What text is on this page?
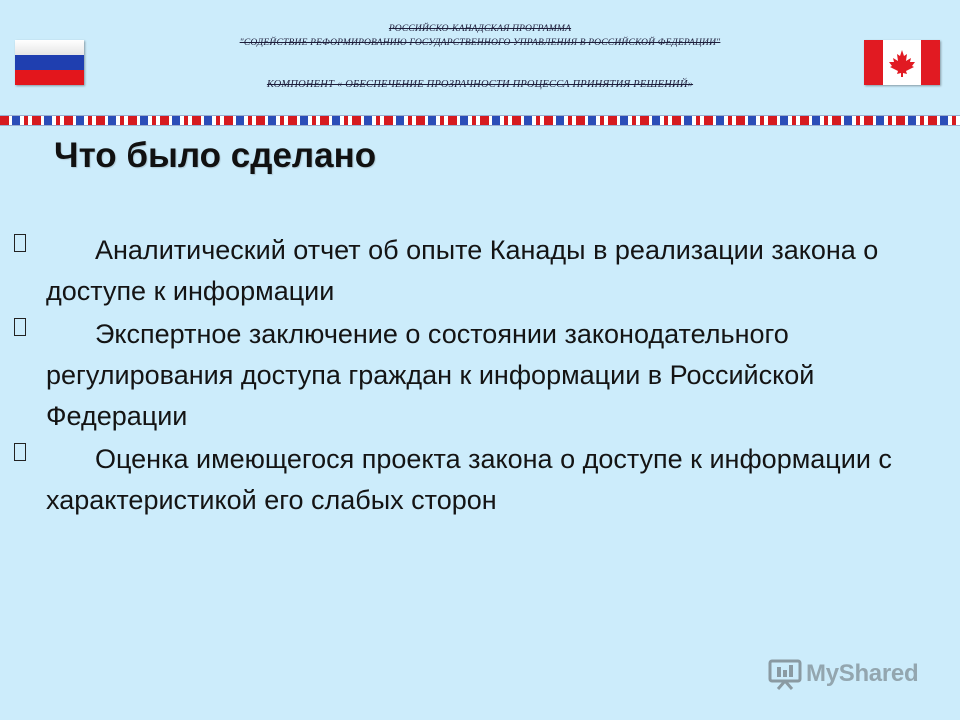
РОССИЙСКО-КАНАДСКАЯ ПРОГРАММА
"СОДЕЙСТВИЕ РЕФОРМИРОВАНИЮ ГОСУДАРСТВЕННОГО УПРАВЛЕНИЯ В РОССИЙСКОЙ ФЕДЕРАЦИИ"
КОМПОНЕНТ « ОБЕСПЕЧЕНИЕ ПРОЗРАЧНОСТИ ПРОЦЕССА ПРИНЯТИЯ РЕШЕНИЙ»
Что было сделано
Аналитический отчет об опыте Канады в реализации закона о доступе к информации
Экспертное заключение о состоянии законодательного регулирования доступа граждан к информации в Российской Федерации
Оценка имеющегося проекта закона о доступе к информации с характеристикой его слабых сторон
MyShared
